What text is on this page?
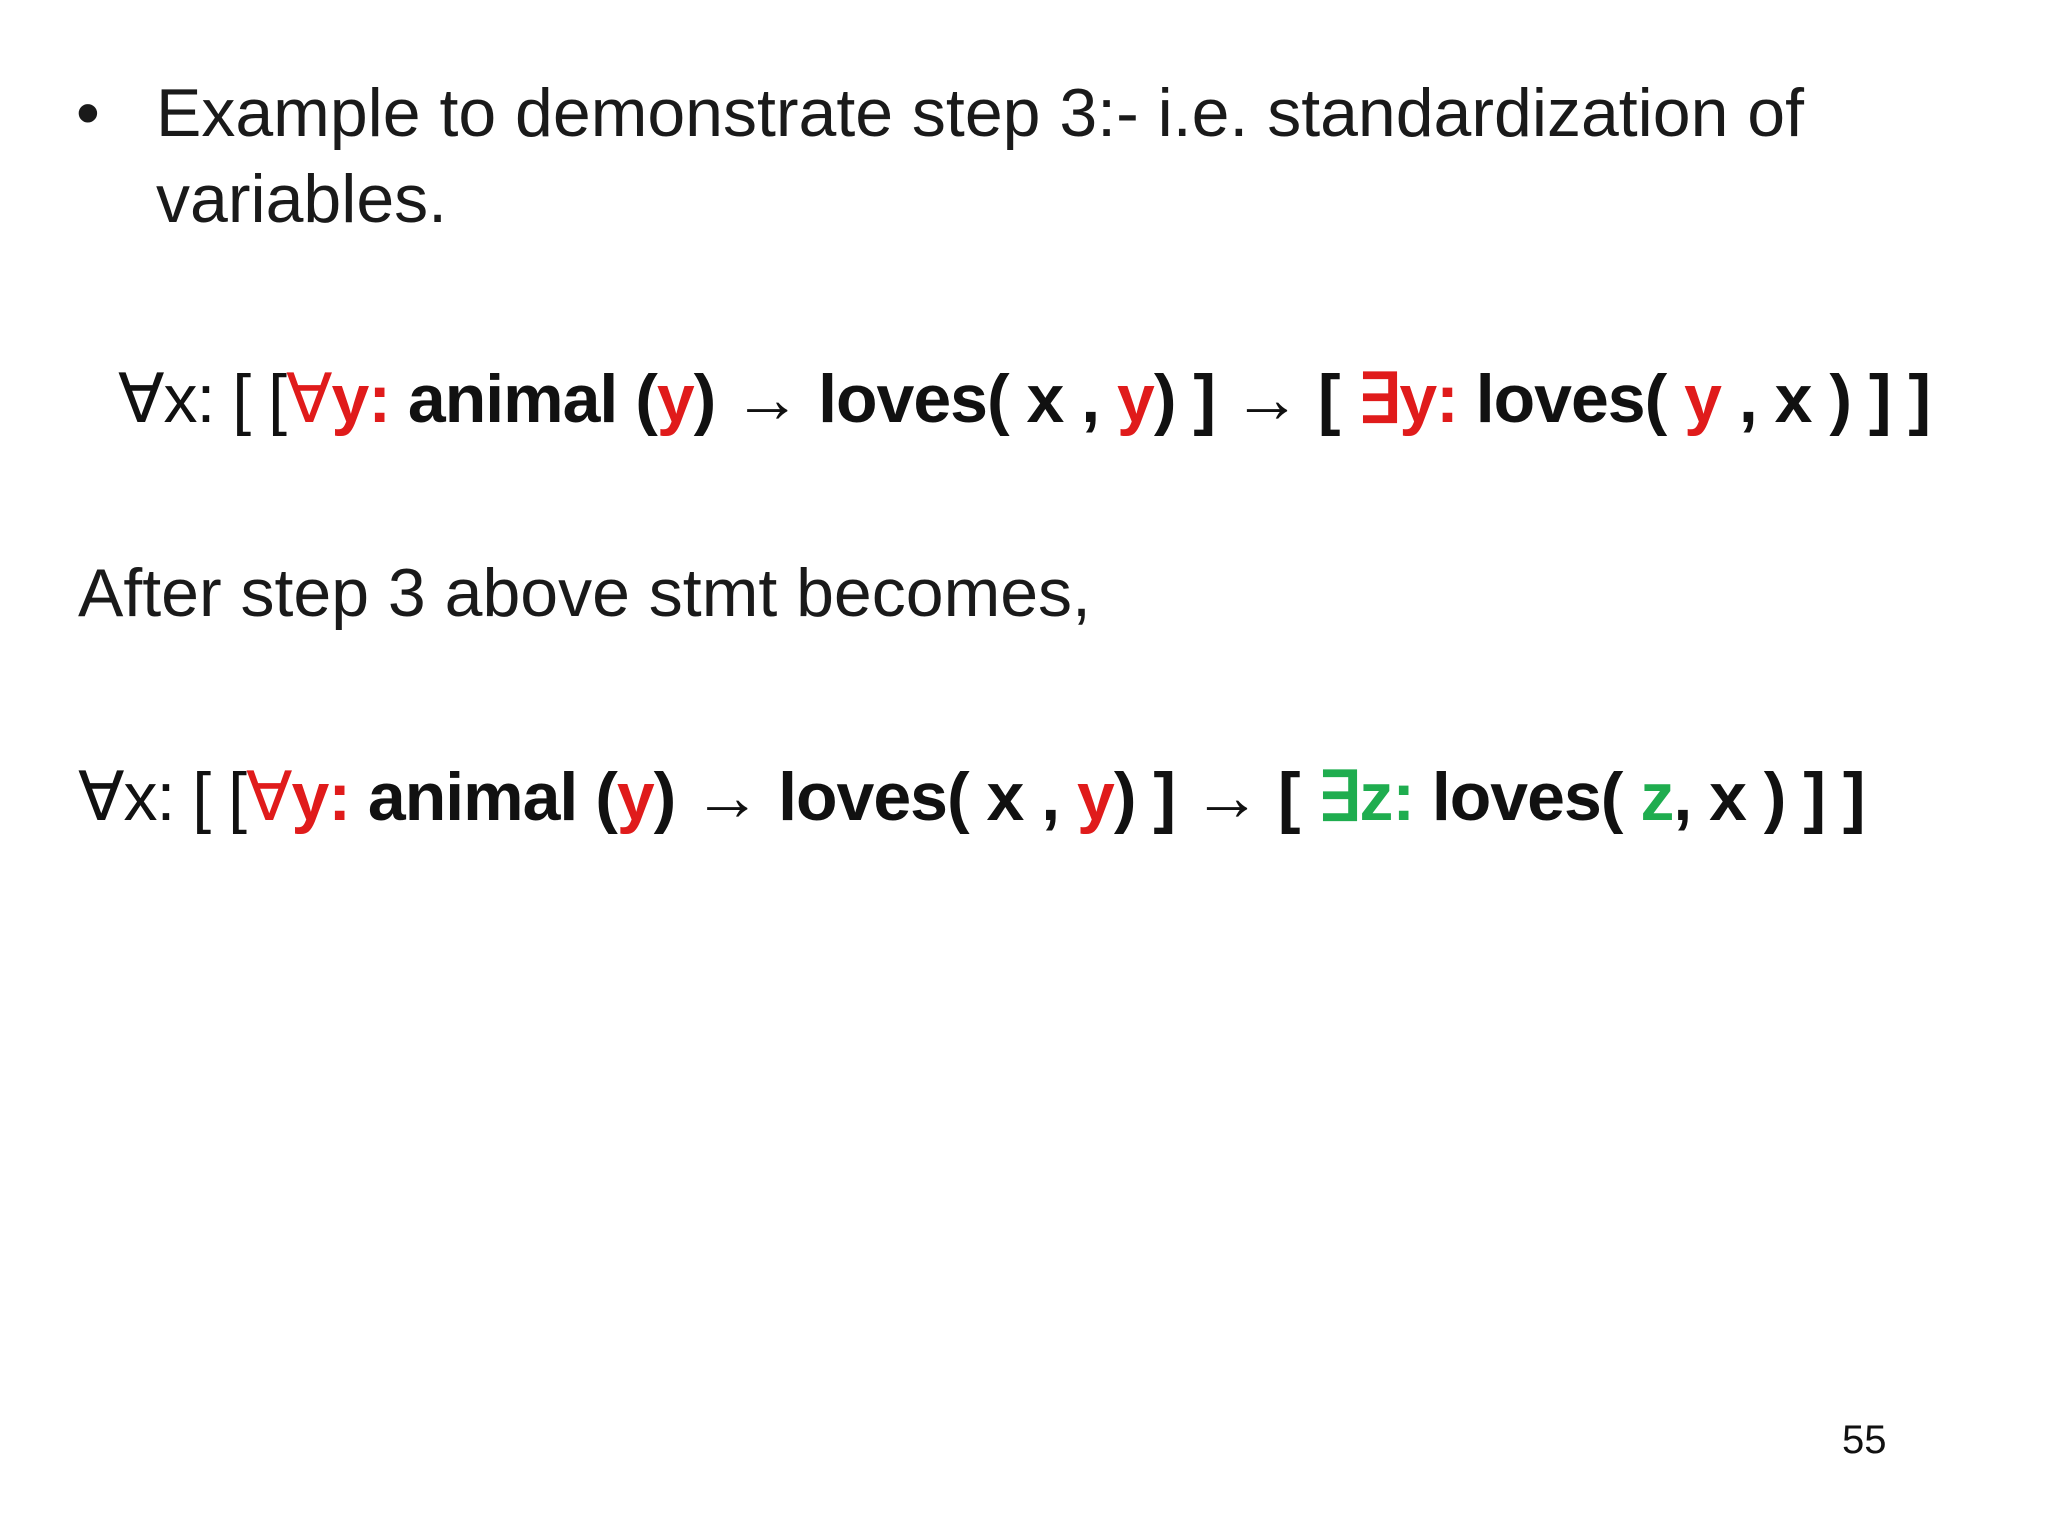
• Example to demonstrate step 3:- i.e. standardization of variables.
∀x: [ [∀y: animal (y) → loves( x , y) ] → [ ∃y: loves( y , x ) ] ]
After step 3 above stmt becomes,
∀x: [ [∀y: animal (y) → loves( x , y) ] → [ ∃z: loves( z, x ) ] ]
55
